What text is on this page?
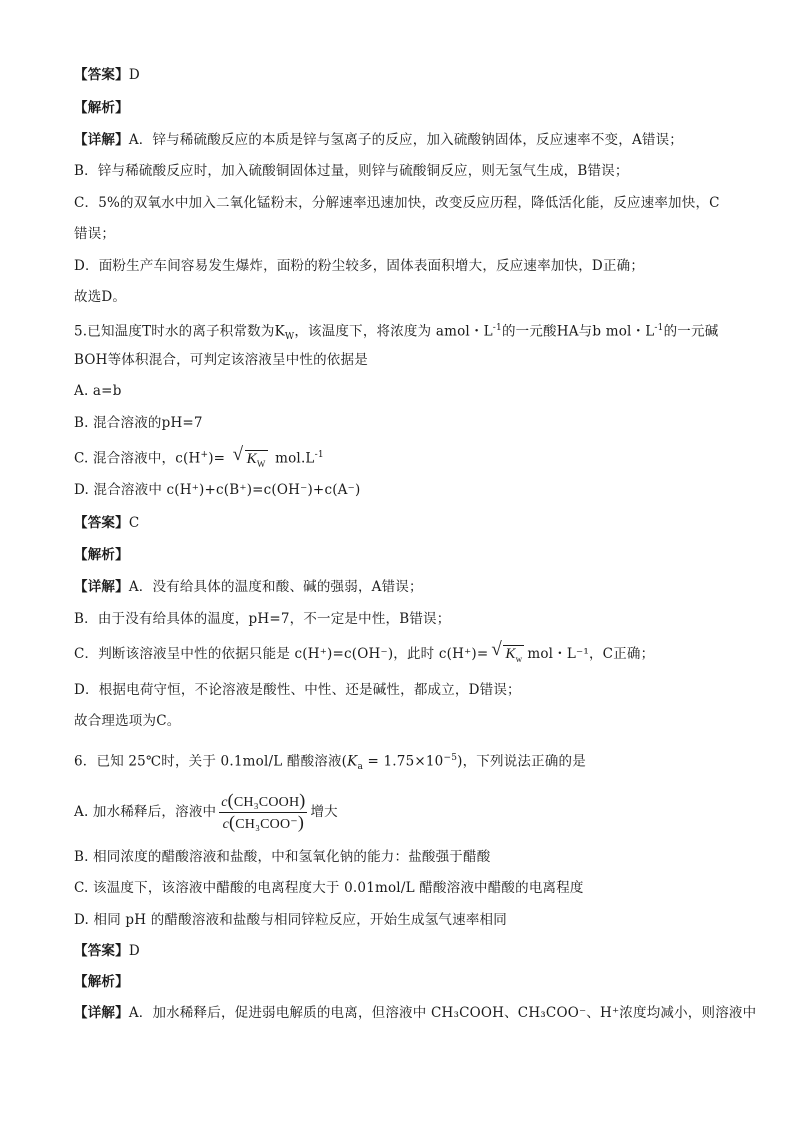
【答案】D
【解析】
【详解】A．锌与稀硫酸反应的本质是锌与氢离子的反应，加入硫酸钠固体，反应速率不变，A错误；
B．锌与稀硫酸反应时，加入硫酸铜固体过量，则锌与硫酸铜反应，则无氢气生成，B错误；
C．5%的双氧水中加入二氧化锰粉末，分解速率迅速加快，改变反应历程，降低活化能，反应速率加快，C
错误；
D．面粉生产车间容易发生爆炸，面粉的粉尘较多，固体表面积增大，反应速率加快，D正确；
故选D。
5.已知温度T时水的离子积常数为$K_W$，该温度下，将浓度为 amol・$L^{-1}$的一元酸HA与b mol・$L^{-1}$的一元碱
BOH等体积混合，可判定该溶液呈中性的依据是
A. a=b
B. 混合溶液的pH=7
C. 混合溶液中，c(H+)= √ $K_W$ $mol.L^{-1}$
D. 混合溶液中 c(H⁺)+c(B⁺)=c(OH⁻)+c(A⁻)
【答案】C
【解析】
【详解】A．没有给具体的温度和酸、碱的强弱，A错误；
B．由于没有给具体的温度，pH=7，不一定是中性，B错误；
C．判断该溶液呈中性的依据只能是 c(H⁺)=c(OH⁻)，此时 c(H⁺)= √ $K_w$ mol・L⁻¹，C正确；
D．根据电荷守恒，不论溶液是酸性、中性、还是碱性，都成立，D错误；
故合理选项为C。
6．已知 25℃时，关于 0.1mol/L 醋酸溶液$(K_a = 1.75\times 10^{-5})$，下列说法正确的是
A. 加水稀释后，溶液中 $\frac{\text{c(CH₃COOH)}}{\text{c(CH₃COO⁻)}}$ 增大
B. 相同浓度的醋酸溶液和盐酸，中和氢氧化钠的能力：盐酸强于醋酸
C. 该温度下，该溶液中醋酸的电离程度大于 0.01mol/L 醋酸溶液中醋酸的电离程度
D. 相同 pH 的醋酸溶液和盐酸与相同锌粒反应，开始生成氢气速率相同
【答案】D
【解析】
【详解】A．加水稀释后，促进弱电解质的电离，但溶液中 CH₃COOH、CH₃COO⁻、H⁺浓度均减小，则溶液中
